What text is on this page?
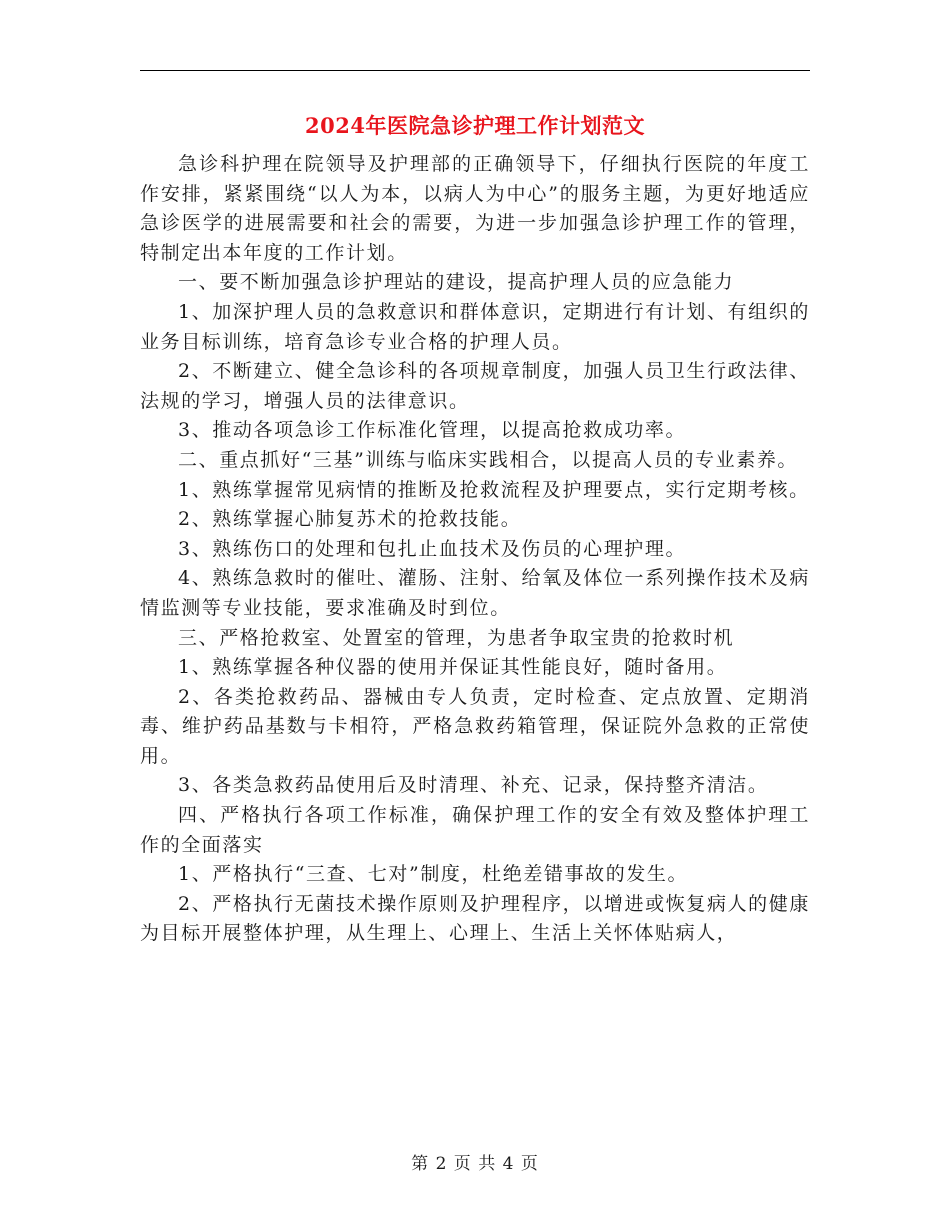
2024年医院急诊护理工作计划范文

急诊科护理在院领导及护理部的正确领导下，仔细执行医院的年度工作安排，紧紧围绕“以人为本，以病人为中心”的服务主题，为更好地适应急诊医学的进展需要和社会的需要，为进一步加强急诊护理工作的管理，特制定出本年度的工作计划。

一、要不断加强急诊护理站的建设，提高护理人员的应急能力

1、加深护理人员的急救意识和群体意识，定期进行有计划、有组织的业务目标训练，培育急诊专业合格的护理人员。

2、不断建立、健全急诊科的各项规章制度，加强人员卫生行政法律、法规的学习，增强人员的法律意识。

3、推动各项急诊工作标准化管理，以提高抢救成功率。

二、重点抓好“三基”训练与临床实践相合，以提高人员的专业素养。

1、熟练掌握常见病情的推断及抢救流程及护理要点，实行定期考核。

2、熟练掌握心肺复苏术的抢救技能。

3、熟练伤口的处理和包扎止血技术及伤员的心理护理。

4、熟练急救时的催吐、灌肠、注射、给氧及体位一系列操作技术及病情监测等专业技能，要求准确及时到位。

三、严格抢救室、处置室的管理，为患者争取宝贵的抢救时机

1、熟练掌握各种仪器的使用并保证其性能良好，随时备用。

2、各类抢救药品、器械由专人负责，定时检查、定点放置、定期消毒、维护药品基数与卡相符，严格急救药箱管理，保证院外急救的正常使用。

3、各类急救药品使用后及时清理、补充、记录，保持整齐清洁。

四、严格执行各项工作标准，确保护理工作的安全有效及整体护理工作的全面落实

1、严格执行“三查、七对”制度，杜绝差错事故的发生。

2、严格执行无菌技术操作原则及护理程序，以增进或恢复病人的健康为目标开展整体护理，从生理上、心理上、生活上关怀体贴病人，

第 2 页 共 4 页
